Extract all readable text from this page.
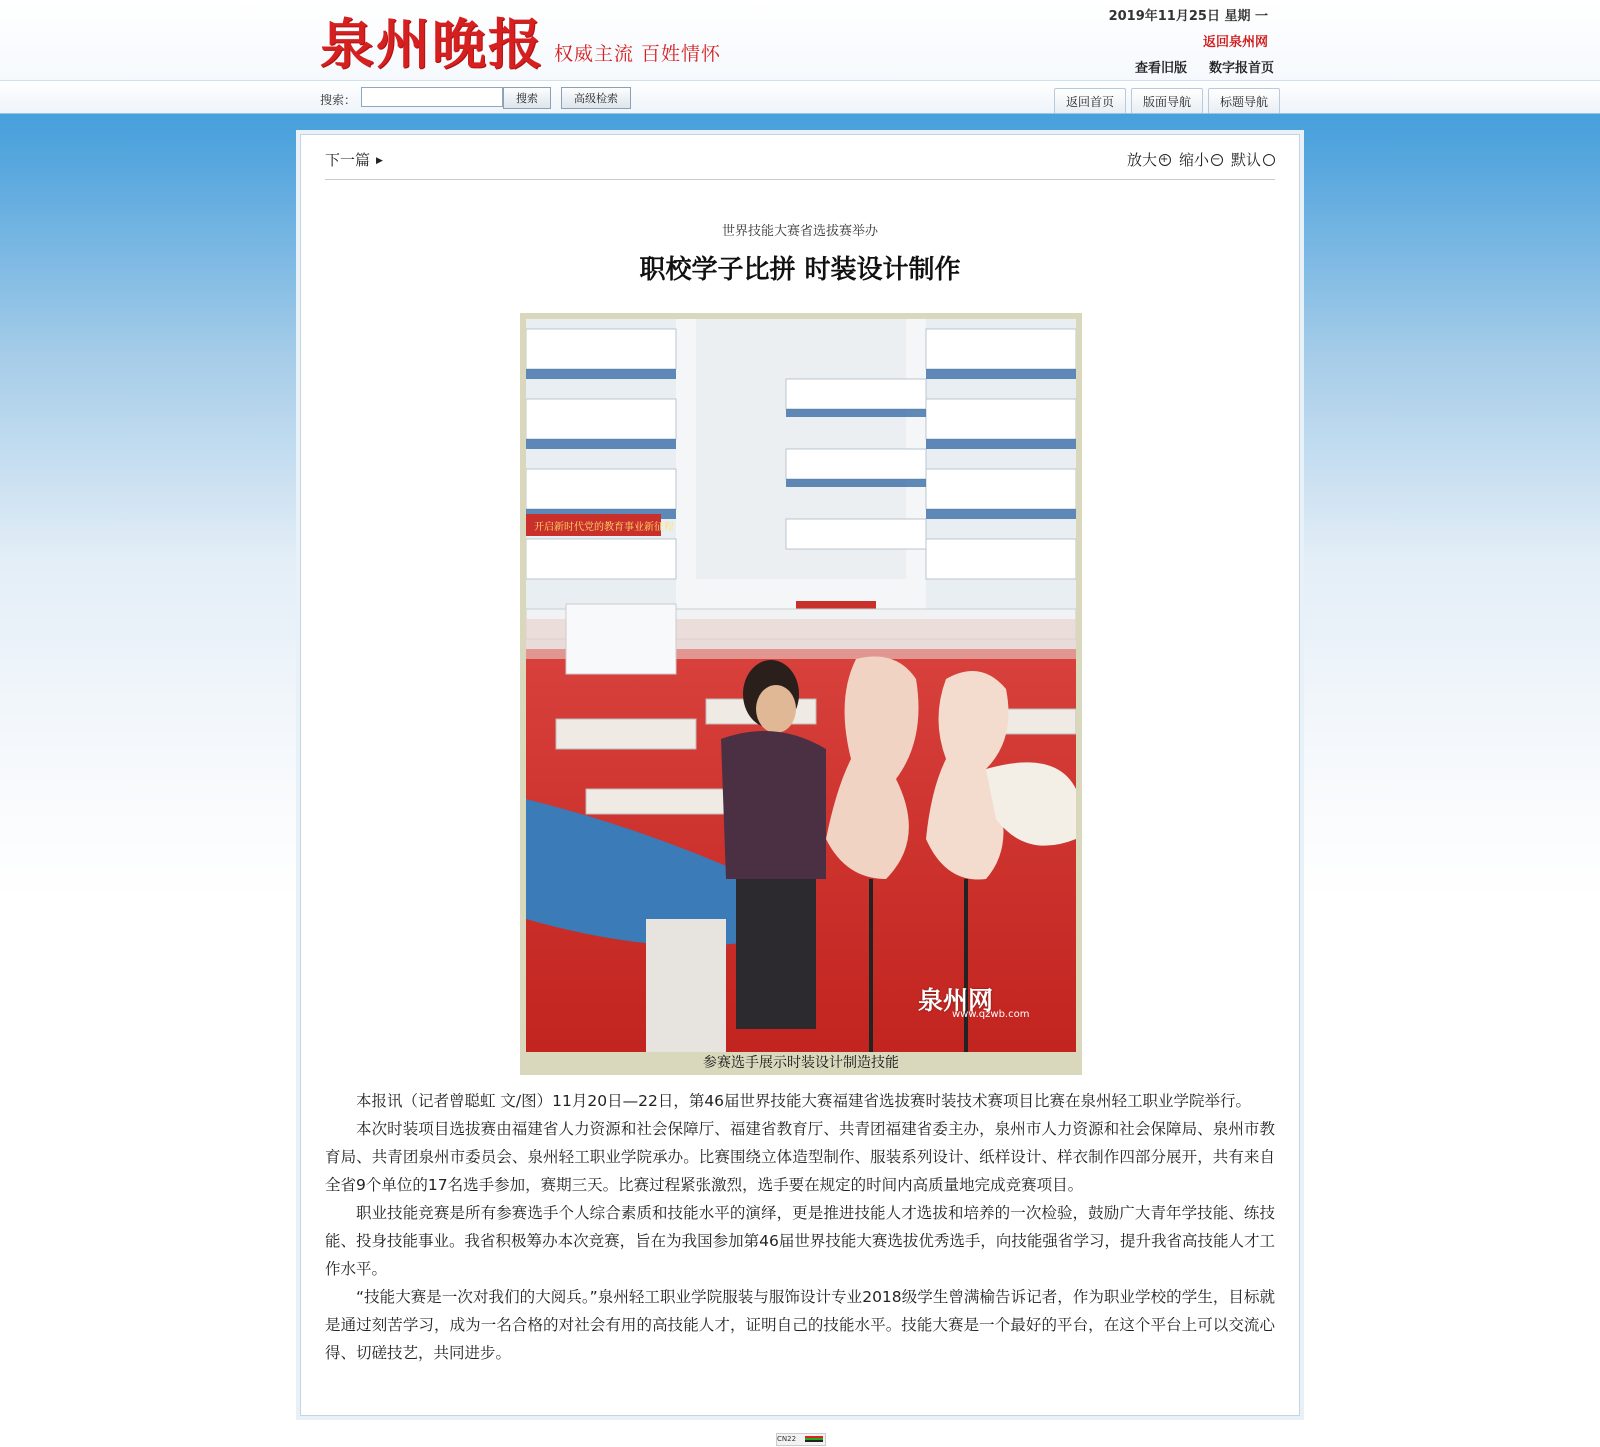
泉州晚报 权威主流 百姓情怀
2019年11月25日 星期 一
返回泉州网
查看旧版 数字报首页
搜索：	搜索	高级检索	返回首页	版面导航	标题导航
下一篇 ▶	放大 + 缩小 − 默认
世界技能大赛省选拔赛举办
职校学子比拼 时装设计制作
开启新时代党的教育事业新征程
泉州网
www.qzwb.com
参赛选手展示时装设计制造技能

本报讯（记者曾聪虹 文/图）11月20日—22日，第46届世界技能大赛福建省选拔赛时装技术赛项目比赛在泉州轻工职业学院举行。

本次时装项目选拔赛由福建省人力资源和社会保障厅、福建省教育厅、共青团福建省委主办，泉州市人力资源和社会保障局、泉州市教育局、共青团泉州市委员会、泉州轻工职业学院承办。比赛围绕立体造型制作、服装系列设计、纸样设计、样衣制作四部分展开，共有来自全省9个单位的17名选手参加，赛期三天。比赛过程紧张激烈，选手要在规定的时间内高质量地完成竞赛项目。

职业技能竞赛是所有参赛选手个人综合素质和技能水平的演绎，更是推进技能人才选拔和培养的一次检验，鼓励广大青年学技能、练技能、投身技能事业。我省积极筹办本次竞赛，旨在为我国参加第46届世界技能大赛选拔优秀选手，向技能强省学习，提升我省高技能人才工作水平。

“技能大赛是一次对我们的大阅兵。”泉州轻工职业学院服装与服饰设计专业2018级学生曾满榆告诉记者，作为职业学校的学生，目标就是通过刻苦学习，成为一名合格的对社会有用的高技能人才，证明自己的技能水平。技能大赛是一个最好的平台，在这个平台上可以交流心得、切磋技艺，共同进步。

CN22
